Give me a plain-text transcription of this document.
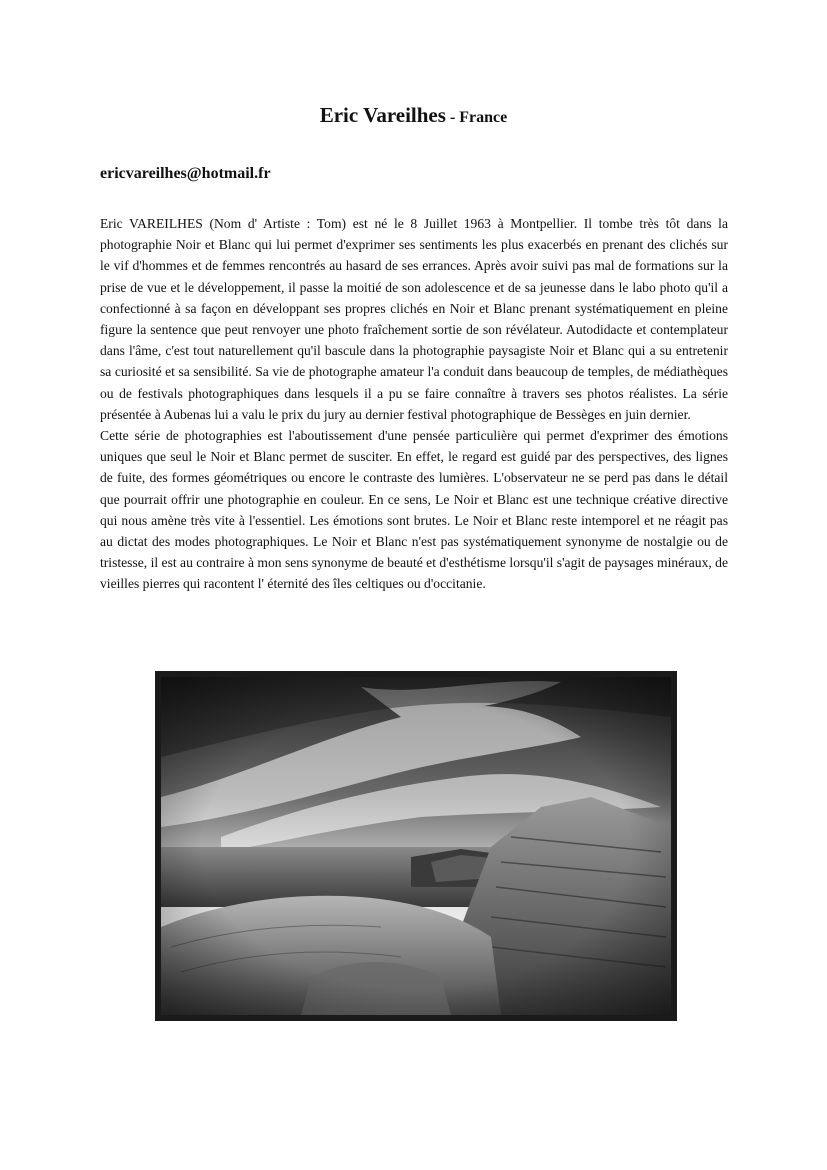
Eric Vareilhes - France
ericvareilhes@hotmail.fr

Eric VAREILHES (Nom d' Artiste : Tom) est né le 8 Juillet 1963 à Montpellier. Il tombe très tôt dans la photographie Noir et Blanc qui lui permet d'exprimer ses sentiments les plus exacerbés en prenant des clichés sur le vif d'hommes et de femmes rencontrés au hasard de ses errances. Après avoir suivi pas mal de formations sur la prise de vue et le développement, il passe la moitié de son adolescence et de sa jeunesse dans le labo photo qu'il a confectionné à sa façon en développant ses propres clichés en Noir et Blanc prenant systématiquement en pleine figure la sentence que peut renvoyer une photo fraîchement sortie de son révélateur. Autodidacte et contemplateur dans l'âme, c'est tout naturellement qu'il bascule dans la photographie paysagiste Noir et Blanc qui a su entretenir sa curiosité et sa sensibilité. Sa vie de photographe amateur l'a conduit dans beaucoup de temples, de médiathèques ou de festivals photographiques dans lesquels il a pu se faire connaître à travers ses photos réalistes. La série présentée à Aubenas lui a valu le prix du jury au dernier festival photographique de Bessèges en juin dernier.

Cette série de photographies est l'aboutissement d'une pensée particulière qui permet d'exprimer des émotions uniques que seul le Noir et Blanc permet de susciter. En effet, le regard est guidé par des perspectives, des lignes de fuite, des formes géométriques ou encore le contraste des lumières. L'observateur ne se perd pas dans le détail que pourrait offrir une photographie en couleur. En ce sens, Le Noir et Blanc est une technique créative directive qui nous amène très vite à l'essentiel. Les émotions sont brutes. Le Noir et Blanc reste intemporel et ne réagit pas au dictat des modes photographiques. Le Noir et Blanc n'est pas systématiquement synonyme de nostalgie ou de tristesse, il est au contraire à mon sens synonyme de beauté et d'esthétisme lorsqu'il s'agit de paysages minéraux, de vieilles pierres qui racontent l' éternité des îles celtiques ou d'occitanie.
